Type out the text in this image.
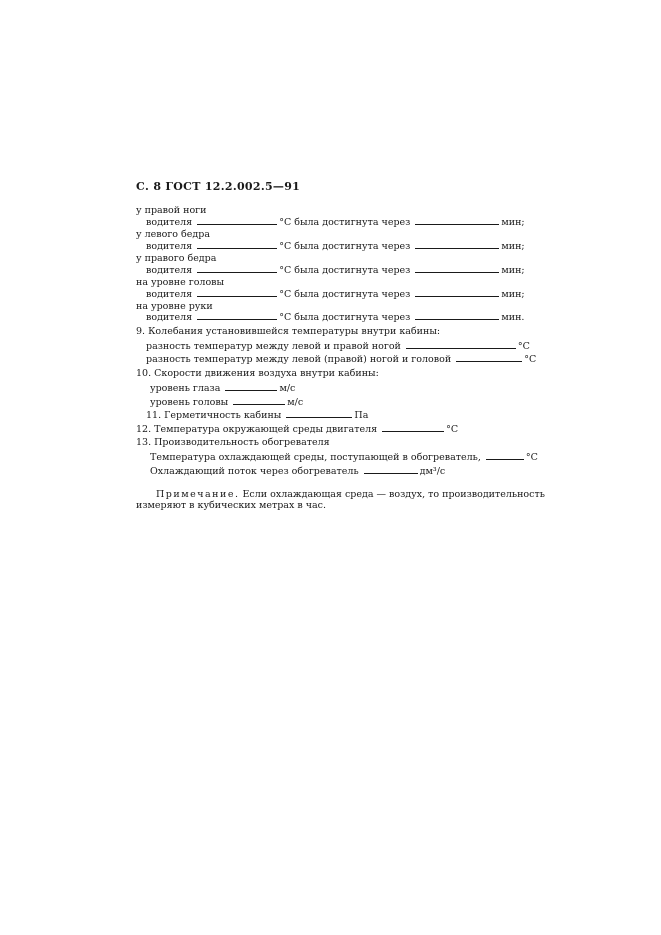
С. 8 ГОСТ 12.2.002.5—91
у правой ноги
водителя	°С была достигнута через	мин;
у левого бедра
водителя	°С была достигнута через	мин;
у правого бедра
водителя	°С была достигнута через	мин;
на уровне головы
водителя	°С была достигнута через	мин;
на уровне руки
водителя	°С была достигнута через	мин.
9. Колебания установившейся температуры внутри кабины:
разность температур между левой и правой ногой	°С
разность температур между левой (правой) ногой и головой	°С
10. Скорости движения воздуха внутри кабины:
уровень глаза	м/с
уровень головы	м/с
11. Герметичность кабины	Па
12. Температура окружающей среды двигателя	°С
13. Производительность обогревателя
Температура охлаждающей среды, поступающей в обогреватель,	°С
Охлаждающий поток через обогреватель	дм³/с
Примечание. Если охлаждающая среда — воздух, то производительность
измеряют в кубических метрах в час.
